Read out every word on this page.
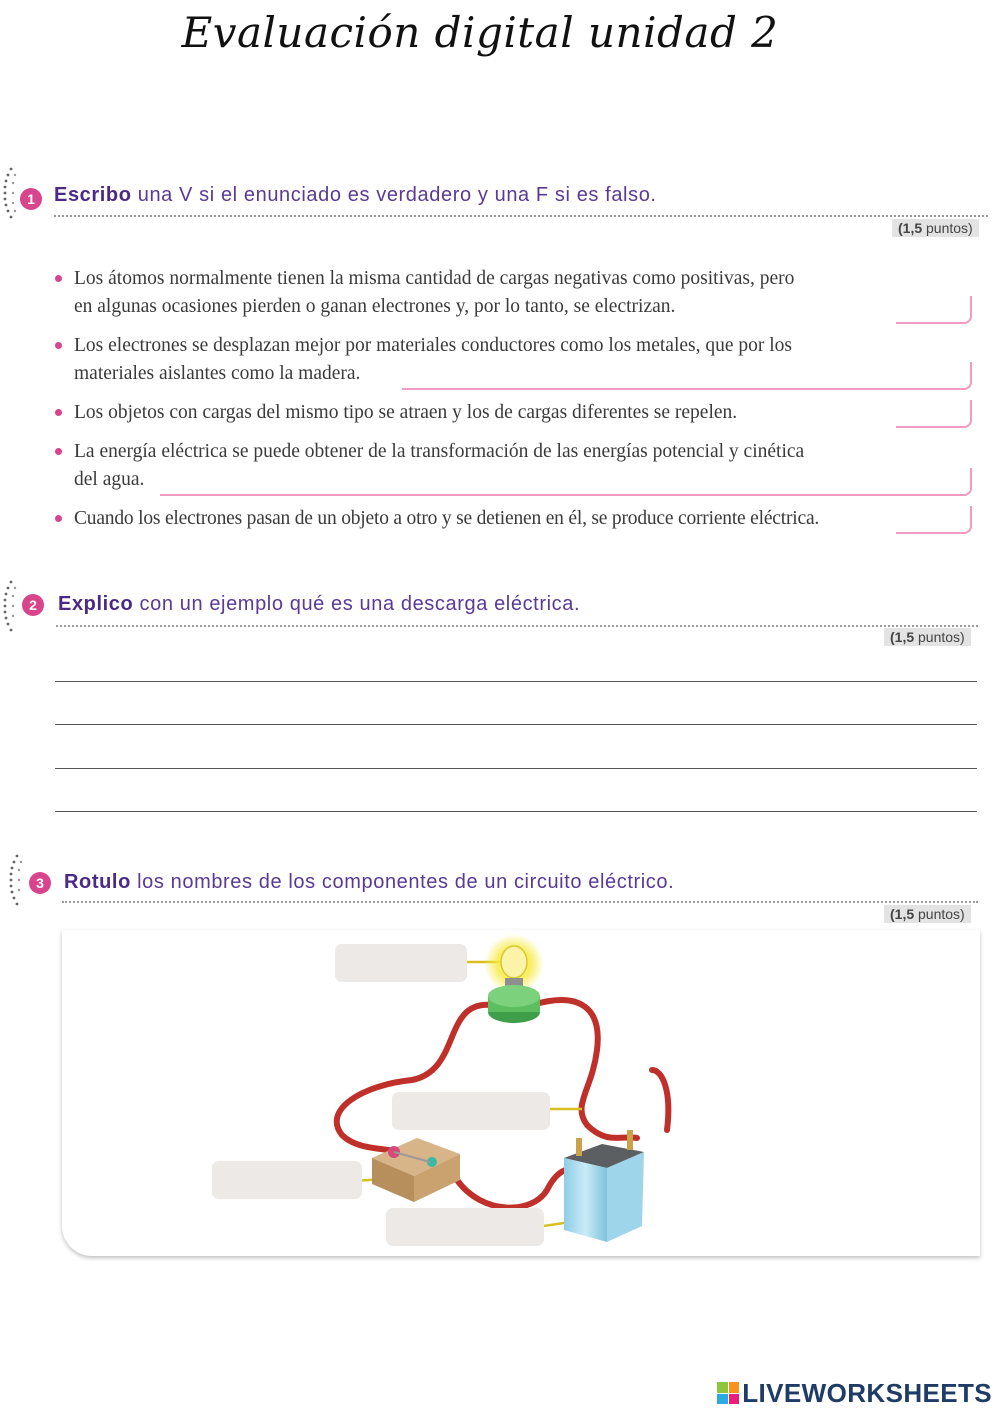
Evaluación digital unidad 2
1 Escribo una V si el enunciado es verdadero y una F si es falso.
(1,5 puntos)
Los átomos normalmente tienen la misma cantidad de cargas negativas como positivas, pero
en algunas ocasiones pierden o ganan electrones y, por lo tanto, se electrizan.
Los electrones se desplazan mejor por materiales conductores como los metales, que por los
materiales aislantes como la madera.
Los objetos con cargas del mismo tipo se atraen y los de cargas diferentes se repelen.
La energía eléctrica se puede obtener de la transformación de las energías potencial y cinética
del agua.
Cuando los electrones pasan de un objeto a otro y se detienen en él, se produce corriente eléctrica.
2	Explico con un ejemplo qué es una descarga eléctrica.
(1,5 puntos)
3	Rotulo los nombres de los componentes de un circuito eléctrico.
(1,5 puntos)
LIVEWORKSHEETS
